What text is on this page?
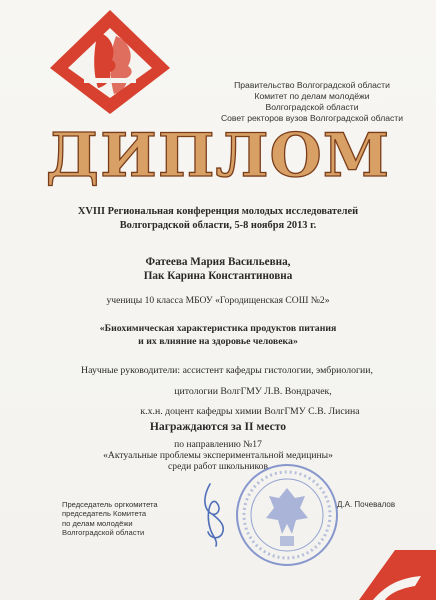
Правительство Волгоградской области
Комитет по делам молодёжи
Волгоградской области
Совет ректоров вузов Волгоградской области
ДИПЛОМ
XVIII Региональная конференция молодых исследователей
Волгоградской области, 5-8 ноября 2013 г.
Фатеева Мария Васильевна,
Пак Карина Константиновна
ученицы 10 класса МБОУ «Городищенская СОШ №2»
«Биохимическая характеристика продуктов питания
и их влияние на здоровье человека»
Научные руководители: ассистент кафедры гистологии, эмбриологии,
цитологии ВолгГМУ Л.В. Вондрачек,
к.х.н. доцент кафедры химии ВолгГМУ С.В. Лисина
Награждаются за II место
по направлению №17
«Актуальные проблемы экспериментальной медицины»
среди работ школьников
Председатель оргкомитета
председатель Комитета
по делам молодёжи
Волгоградской области
Д.А. Почевалов
